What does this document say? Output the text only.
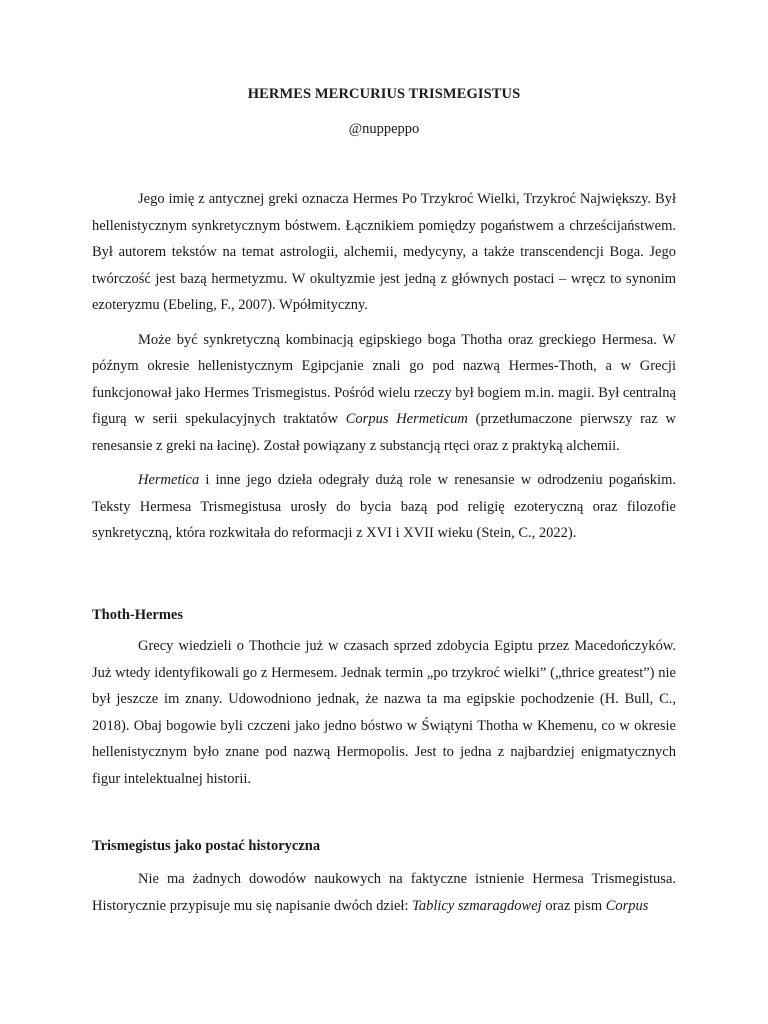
HERMES MERCURIUS TRISMEGISTUS
@nuppeppo

Jego imię z antycznej greki oznacza Hermes Po Trzykroć Wielki, Trzykroć Największy. Był hellenistycznym synkretycznym bóstwem. Łącznikiem pomiędzy pogaństwem a chrześcijaństwem. Był autorem tekstów na temat astrologii, alchemii, medycyny, a także transcendencji Boga. Jego twórczość jest bazą hermetyzmu. W okultyzmie jest jedną z głównych postaci – wręcz to synonim ezoteryzmu (Ebeling, F., 2007). Wpółmityczny.

Może być synkretyczną kombinacją egipskiego boga Thotha oraz greckiego Hermesa. W późnym okresie hellenistycznym Egipcjanie znali go pod nazwą Hermes-Thoth, a w Grecji funkcjonował jako Hermes Trismegistus. Pośród wielu rzeczy był bogiem m.in. magii. Był centralną figurą w serii spekulacyjnych traktatów Corpus Hermeticum (przetłumaczone pierwszy raz w renesansie z greki na łacinę). Został powiązany z substancją rtęci oraz z praktyką alchemii.

Hermetica i inne jego dzieła odegrały dużą role w renesansie w odrodzeniu pogańskim. Teksty Hermesa Trismegistusa urosły do bycia bazą pod religię ezoteryczną oraz filozofie synkretyczną, która rozkwitała do reformacji z XVI i XVII wieku (Stein, C., 2022).

Thoth-Hermes

Grecy wiedzieli o Thothcie już w czasach sprzed zdobycia Egiptu przez Macedończyków. Już wtedy identyfikowali go z Hermesem. Jednak termin „po trzykroć wielki” („thrice greatest”) nie był jeszcze im znany. Udowodniono jednak, że nazwa ta ma egipskie pochodzenie (H. Bull, C., 2018). Obaj bogowie byli czczeni jako jedno bóstwo w Świątyni Thotha w Khemenu, co w okresie hellenistycznym było znane pod nazwą Hermopolis. Jest to jedna z najbardziej enigmatycznych figur intelektualnej historii.

Trismegistus jako postać historyczna

Nie ma żadnych dowodów naukowych na faktyczne istnienie Hermesa Trismegistusa. Historycznie przypisuje mu się napisanie dwóch dzieł: Tablicy szmaragdowej oraz pism Corpus
